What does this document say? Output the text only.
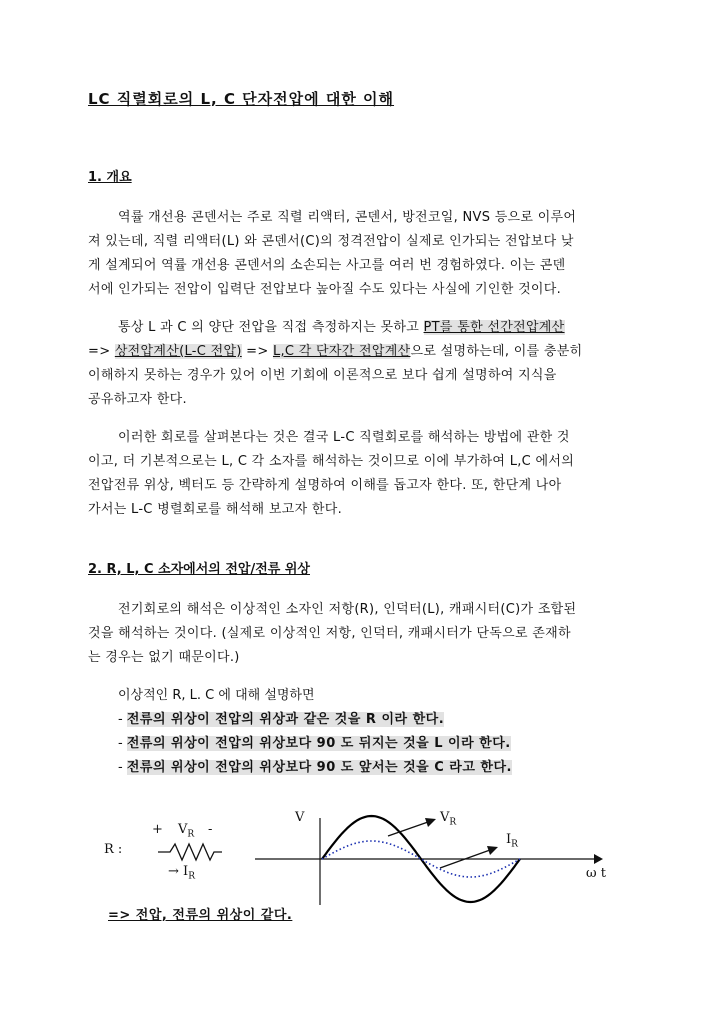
LC 직렬회로의 L, C 단자전압에 대한 이해
1. 개요
역률 개선용 콘덴서는 주로 직렬 리액터, 콘덴서, 방전코일, NVS 등으로 이루어
져 있는데, 직렬 리액터(L) 와 콘덴서(C)의 정격전압이 실제로 인가되는 전압보다 낮
게 설계되어 역률 개선용 콘덴서의 소손되는 사고를 여러 번 경험하였다. 이는 콘덴
서에 인가되는 전압이 입력단 전압보다 높아질 수도 있다는 사실에 기인한 것이다.
통상 L 과 C 의 양단 전압을 직접 측정하지는 못하고 PT를 통한 선간전압계산
=> 상전압계산(L-C 전압) => L,C 각 단자간 전압계산으로 설명하는데, 이를 충분히
이해하지 못하는 경우가 있어 이번 기회에 이론적으로 보다 쉽게 설명하여 지식을
공유하고자 한다.
이러한 회로를 살펴본다는 것은 결국 L-C 직렬회로를 해석하는 방법에 관한 것
이고, 더 기본적으로는 L, C 각 소자를 해석하는 것이므로 이에 부가하여 L,C 에서의
전압전류 위상, 벡터도 등 간략하게 설명하여 이해를 돕고자 한다. 또, 한단계 나아
가서는 L-C 병렬회로를 해석해 보고자 한다.
2. R, L, C 소자에서의 전압/전류 위상
전기회로의 해석은 이상적인 소자인 저항(R), 인덕터(L), 캐패시터(C)가 조합된
것을 해석하는 것이다. (실제로 이상적인 저항, 인덕터, 캐패시터가 단독으로 존재하
는 경우는 없기 때문이다.)
이상적인 R, L. C 에 대해 설명하면
- 전류의 위상이 전압의 위상과 같은 것을 R 이라 한다.
- 전류의 위상이 전압의 위상보다 90 도 뒤지는 것을 L 이라 한다.
- 전류의 위상이 전압의 위상보다 90 도 앞서는 것을 C 라고 한다.
+ $V_R$ -
R :
→ $I_R$
V	$V_R$
$I_R$
ω t
=> 전압, 전류의 위상이 같다.
